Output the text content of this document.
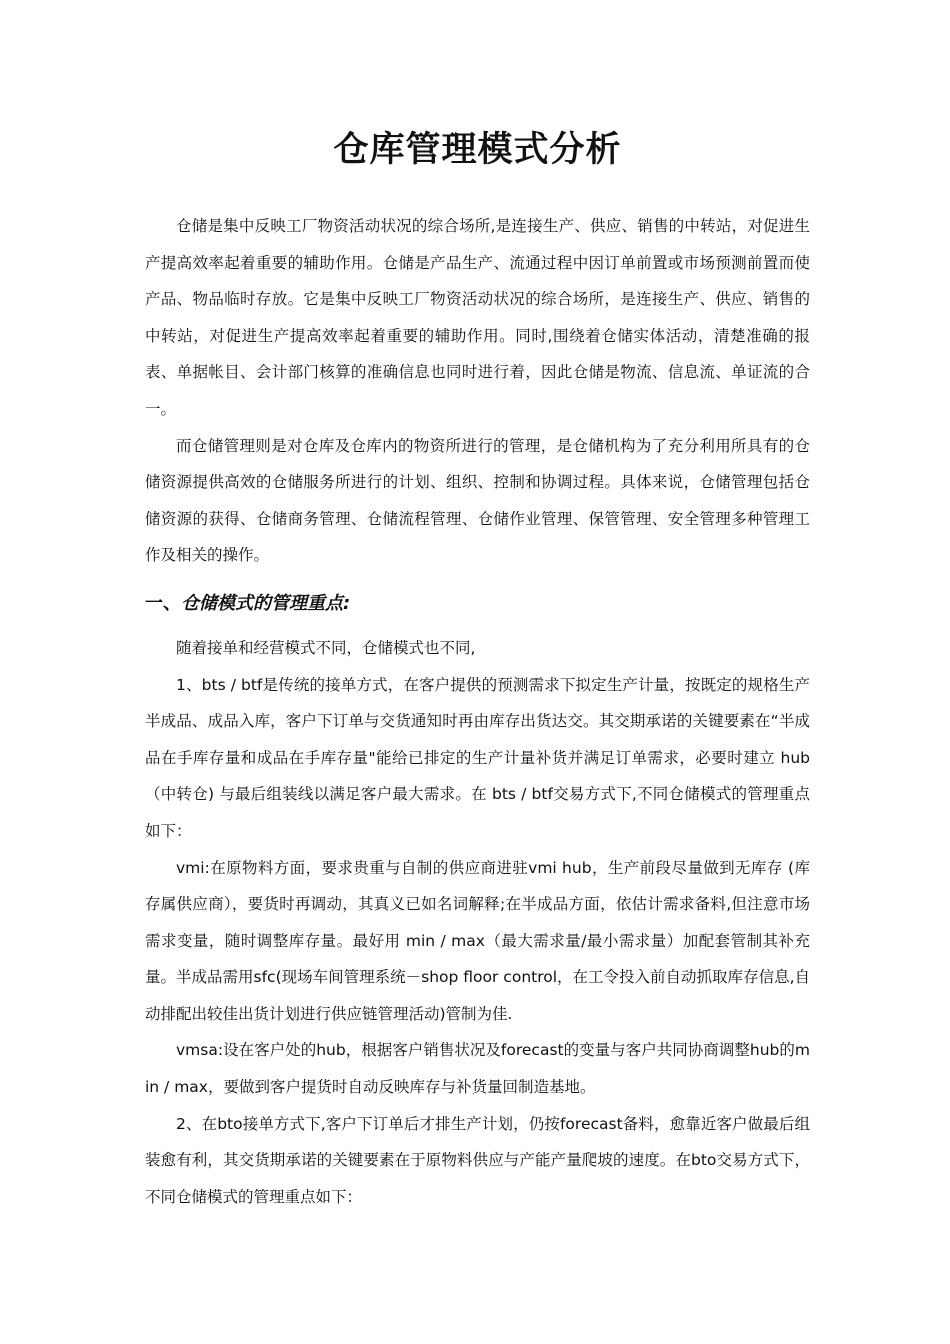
仓库管理模式分析

仓储是集中反映工厂物资活动状况的综合场所,是连接生产、供应、销售的中转站，对促进生产提高效率起着重要的辅助作用。仓储是产品生产、流通过程中因订单前置或市场预测前置而使产品、物品临时存放。它是集中反映工厂物资活动状况的综合场所，是连接生产、供应、销售的中转站，对促进生产提高效率起着重要的辅助作用。同时,围绕着仓储实体活动，清楚准确的报表、单据帐目、会计部门核算的准确信息也同时进行着，因此仓储是物流、信息流、单证流的合一。

而仓储管理则是对仓库及仓库内的物资所进行的管理，是仓储机构为了充分利用所具有的仓储资源提供高效的仓储服务所进行的计划、组织、控制和协调过程。具体来说，仓储管理包括仓储资源的获得、仓储商务管理、仓储流程管理、仓储作业管理、保管管理、安全管理多种管理工作及相关的操作。

一、仓储模式的管理重点:

随着接单和经营模式不同，仓储模式也不同,

1、bts / btf是传统的接单方式，在客户提供的预测需求下拟定生产计量，按既定的规格生产半成品、成品入库，客户下订单与交货通知时再由库存出货达交。其交期承诺的关键要素在“半成品在手库存量和成品在手库存量"能给已排定的生产计量补货并满足订单需求，必要时建立 hub（中转仓) 与最后组装线以满足客户最大需求。在 bts / btf交易方式下,不同仓储模式的管理重点如下：

vmi:在原物料方面，要求贵重与自制的供应商进驻vmi hub，生产前段尽量做到无库存 (库存属供应商），要货时再调动，其真义已如名词解释;在半成品方面，依估计需求备料,但注意市场需求变量，随时调整库存量。最好用 min / max（最大需求量/最小需求量）加配套管制其补充量。半成品需用sfc(现场车间管理系统－shop floor control，在工令投入前自动抓取库存信息,自动排配出较佳出货计划进行供应链管理活动)管制为佳.

vmsa:设在客户处的hub，根据客户销售状况及forecast的变量与客户共同协商调整hub的min / max，要做到客户提货时自动反映库存与补货量回制造基地。

2、在bto接单方式下,客户下订单后才排生产计划，仍按forecast备料，愈靠近客户做最后组装愈有利，其交货期承诺的关键要素在于原物料供应与产能产量爬坡的速度。在bto交易方式下，不同仓储模式的管理重点如下：
